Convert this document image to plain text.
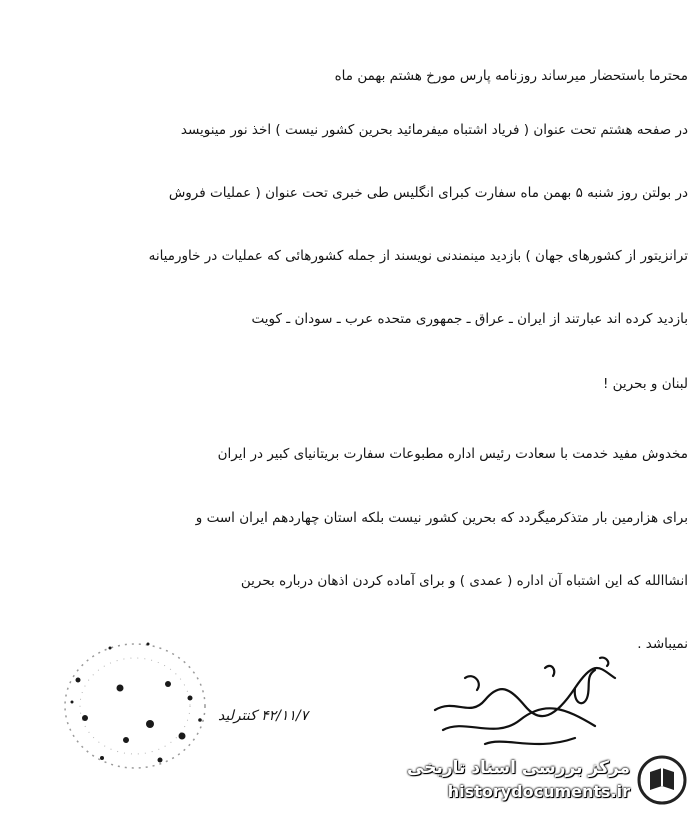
محترما باستحضار میرساند روزنامه پارس مورخ هشتم بهمن ماه
در صفحه هشتم تحت عنوان ( فریاد اشتباه میفرمائید بحرین کشور نیست ) اخذ نور مینویسد
در بولتن روز شنبه ۵ بهمن ماه سفارت کبرای انگلیس طی خبری تحت عنوان ( عملیات فروش
ترانزیتور از کشورهای جهان ) بازدید مینمندنی نویسند از جمله کشورهائی که عملیات در خاورمیانه
بازدید کرده اند عبارتند از ایران ـ عراق ـ جمهوری متحده عرب ـ سودان ـ کویت
لبنان و بحرین !
مخدوش مفید خدمت با سعادت رئیس اداره مطبوعات سفارت بریتانیای کبیر در ایران
برای هزارمین بار متذکرمیگردد که بحرین کشور نیست بلکه استان چهاردهم ایران است و
انشاالله که این اشتباه آن اداره ( عمدی ) و برای آماده کردن اذهان درباره بحرین
نمیباشد .
۴۲/۱۱/۷ کنترلید
مرکز بررسی اسناد تاریخی
historydocuments.ir
